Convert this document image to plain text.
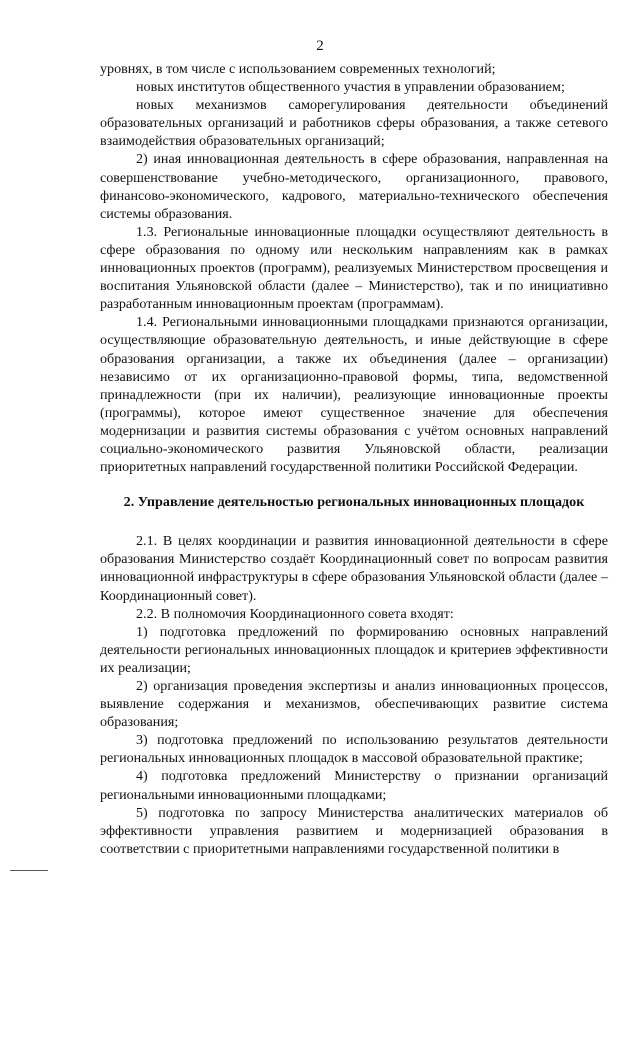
2

уровнях, в том числе с использованием современных технологий;

новых институтов общественного участия в управлении образованием;

новых механизмов саморегулирования деятельности объединений образовательных организаций и работников сферы образования, а также сетевого взаимодействия образовательных организаций;

2) иная инновационная деятельность в сфере образования, направленная на совершенствование учебно-методического, организационного, правового, финансово-экономического, кадрового, материально-технического обеспечения системы образования.

1.3. Региональные инновационные площадки осуществляют деятельность в сфере образования по одному или нескольким направлениям как в рамках инновационных проектов (программ), реализуемых Министерством просвещения и воспитания Ульяновской области (далее – Министерство), так и по инициативно разработанным инновационным проектам (программам).

1.4. Региональными инновационными площадками признаются организации, осуществляющие образовательную деятельность, и иные действующие в сфере образования организации, а также их объединения (далее – организации) независимо от их организационно-правовой формы, типа, ведомственной принадлежности (при их наличии), реализующие инновационные проекты (программы), которое имеют существенное значение для обеспечения модернизации и развития системы образования с учётом основных направлений социально-экономического развития Ульяновской области, реализации приоритетных направлений государственной политики Российской Федерации.

2. Управление деятельностью региональных инновационных площадок

2.1. В целях координации и развития инновационной деятельности в сфере образования Министерство создаёт Координационный совет по вопросам развития инновационной инфраструктуры в сфере образования Ульяновской области (далее – Координационный совет).

2.2. В полномочия Координационного совета входят:

1) подготовка предложений по формированию основных направлений деятельности региональных инновационных площадок и критериев эффективности их реализации;

2) организация проведения экспертизы и анализ инновационных процессов, выявление содержания и механизмов, обеспечивающих развитие система образования;

3) подготовка предложений по использованию результатов деятельности региональных инновационных площадок в массовой образовательной практике;

4) подготовка предложений Министерству о признании организаций региональными инновационными площадками;

5) подготовка по запросу Министерства аналитических материалов об эффективности управления развитием и модернизацией образования в соответствии с приоритетными направлениями государственной политики в
